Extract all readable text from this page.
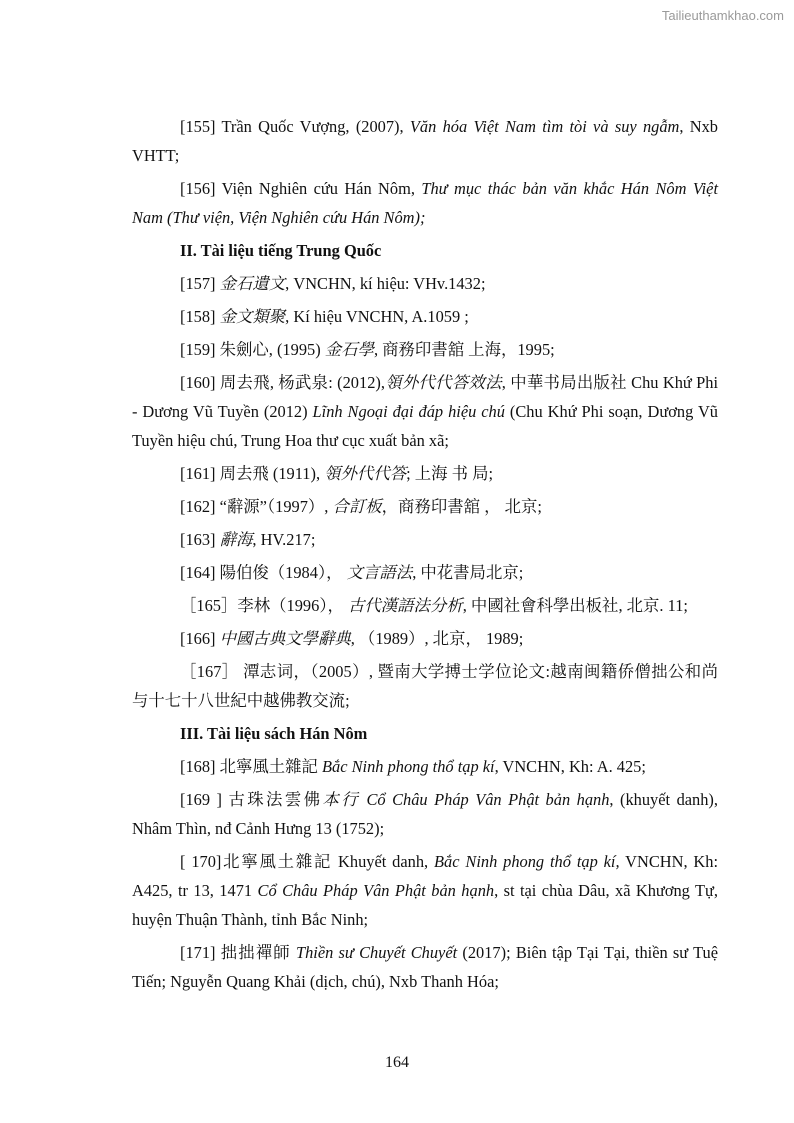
Tailieuthamkhao.com

[155] Trần Quốc Vượng, (2007), Văn hóa Việt Nam tìm tòi và suy ngẫm, Nxb VHTT;

[156] Viện Nghiên cứu Hán Nôm, Thư mục thác bản văn khắc Hán Nôm Việt Nam (Thư viện, Viện Nghiên cứu Hán Nôm);

II. Tài liệu tiếng Trung Quốc

[157] 金石遺文, VNCHN, kí hiệu: VHv.1432;

[158] 金文類聚, Kí hiệu VNCHN, A.1059 ;

[159] 朱劍心, (1995) 金石學, 商務印書舘 上海，1995;

[160] 周去飛, 杨武泉: (2012),領外代代答效法, 中華书局出版社 Chu Khứ Phi - Dương Vũ Tuyền (2012) Lĩnh Ngoại đại đáp hiệu chú (Chu Khứ Phi soạn, Dương Vũ Tuyền hiệu chú, Trung Hoa thư cục xuất bản xã;

[161] 周去飛 (1911), 領外代代答; 上海 书 局;

[162] “辭源”（1997）, 合訂板，商務印書舘 ， 北京;

[163] 辭海, HV.217;

[164] 陽伯俊（1984）， 文言語法, 中花書局北京;

［165］李林（1996）， 古代漢語法分析, 中國社會科學出板社, 北京. 11;

[166] 中國古典文學辭典, （1989）, 北京， 1989;

［167］ 潭志词，（2005）, 暨南大学搏士学位论文:越南闽籍侨僧拙公和尚与十七十八世紀中越佛教交流;

III. Tài liệu sách Hán Nôm

[168] 北寧風土雜記 Bắc Ninh phong thổ tạp kí, VNCHN, Kh: A. 425;

[169 ] 古珠法雲佛本行 Cổ Châu Pháp Vân Phật bản hạnh, (khuyết danh), Nhâm Thìn, nđ Cảnh Hưng 13 (1752);

[ 170]北寧風土雜記 Khuyết danh, Bắc Ninh phong thổ tạp kí, VNCHN, Kh: A425, tr 13, 1471 Cổ Châu Pháp Vân Phật bản hạnh, st tại chùa Dâu, xã Khương Tự, huyện Thuận Thành, tỉnh Bắc Ninh;

[171] 拙拙禪師 Thiền sư Chuyết Chuyết (2017); Biên tập Tại Tại, thiền sư Tuệ Tiến; Nguyễn Quang Khải (dịch, chú), Nxb Thanh Hóa;

164
